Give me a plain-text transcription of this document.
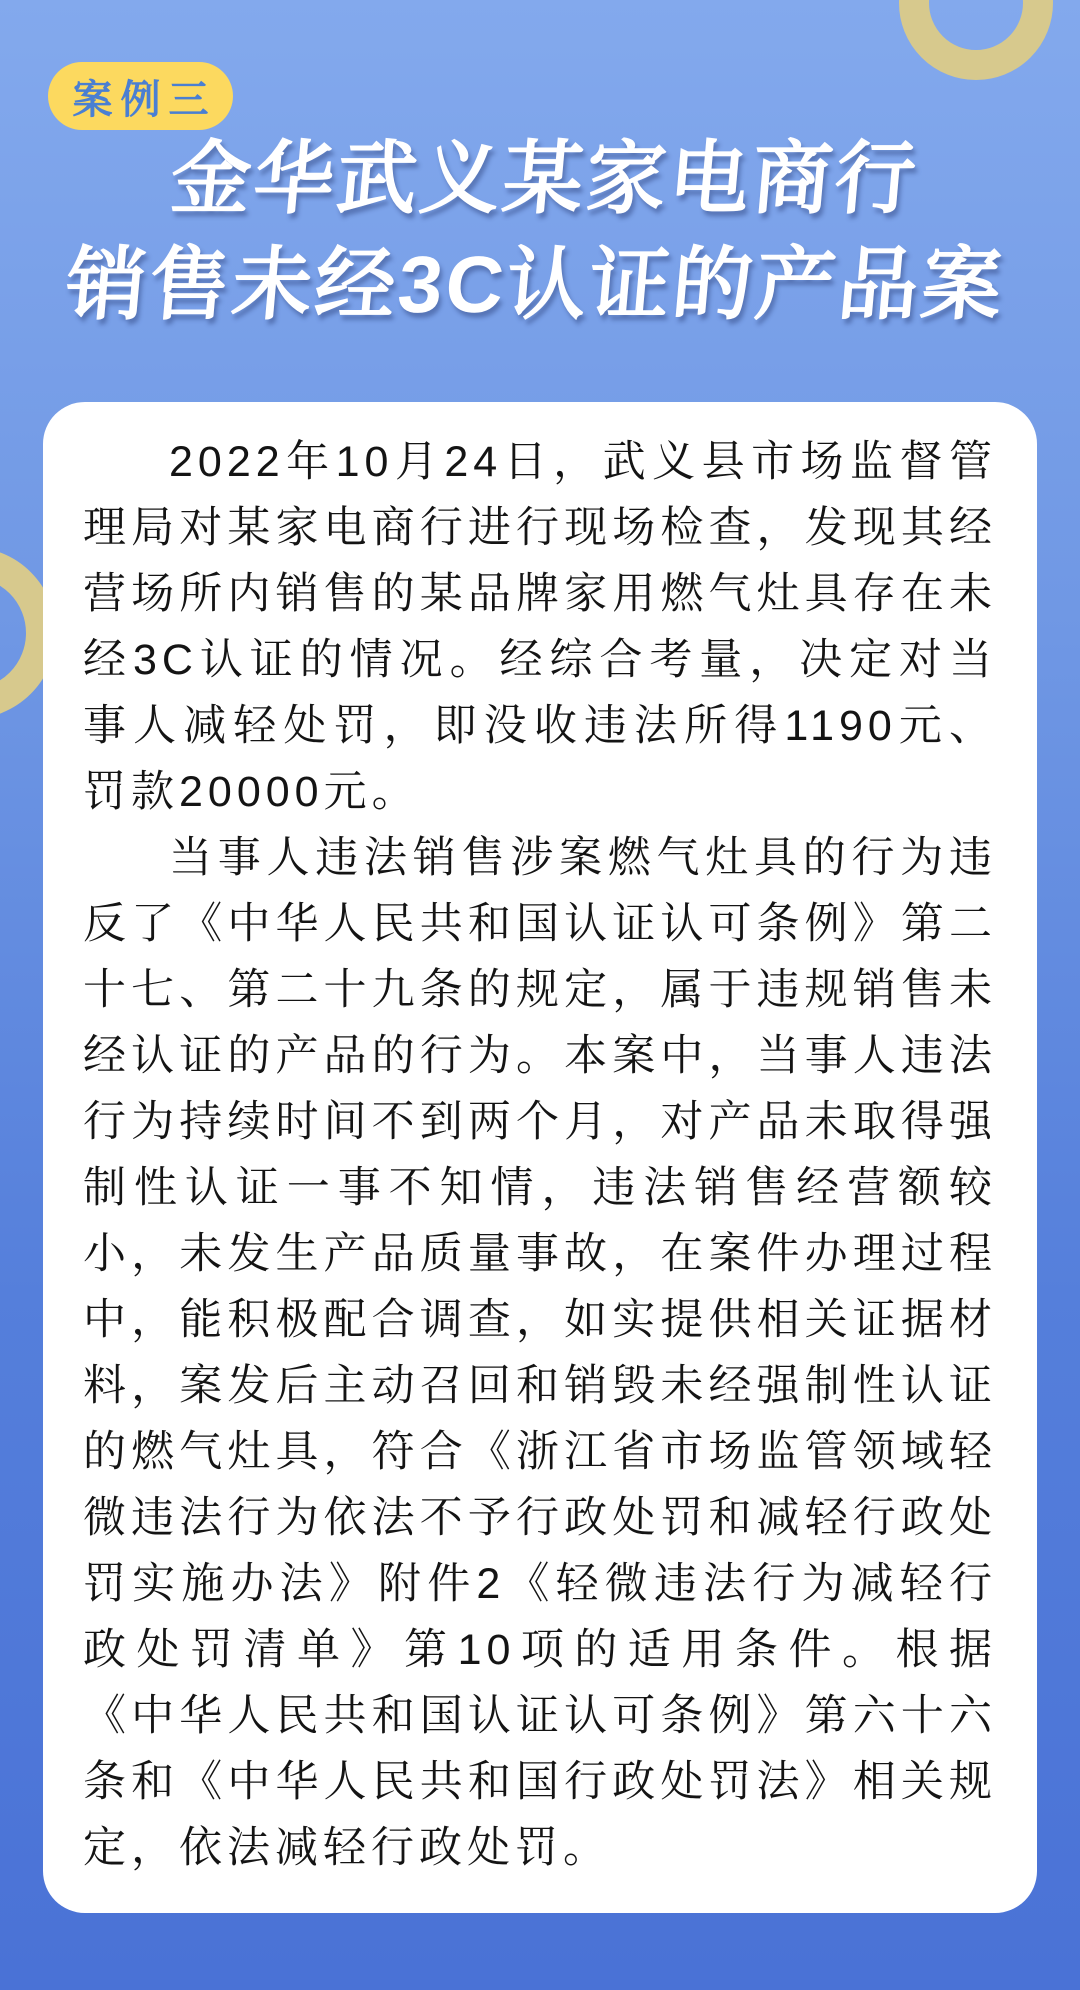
案例三
金华武义某家电商行
销售未经3C认证的产品案

2022年10月24日，武义县市场监督管理局对某家电商行进行现场检查，发现其经营场所内销售的某品牌家用燃气灶具存在未经3C认证的情况。经综合考量，决定对当事人减轻处罚，即没收违法所得1190元、罚款20000元。

当事人违法销售涉案燃气灶具的行为违反了《中华人民共和国认证认可条例》第二十七、第二十九条的规定，属于违规销售未经认证的产品的行为。本案中，当事人违法行为持续时间不到两个月，对产品未取得强制性认证一事不知情，违法销售经营额较小，未发生产品质量事故，在案件办理过程中，能积极配合调查，如实提供相关证据材料，案发后主动召回和销毁未经强制性认证的燃气灶具，符合《浙江省市场监管领域轻微违法行为依法不予行政处罚和减轻行政处罚实施办法》附件2《轻微违法行为减轻行政处罚清单》第10项的适用条件。根据《中华人民共和国认证认可条例》第六十六条和《中华人民共和国行政处罚法》相关规定，依法减轻行政处罚。
